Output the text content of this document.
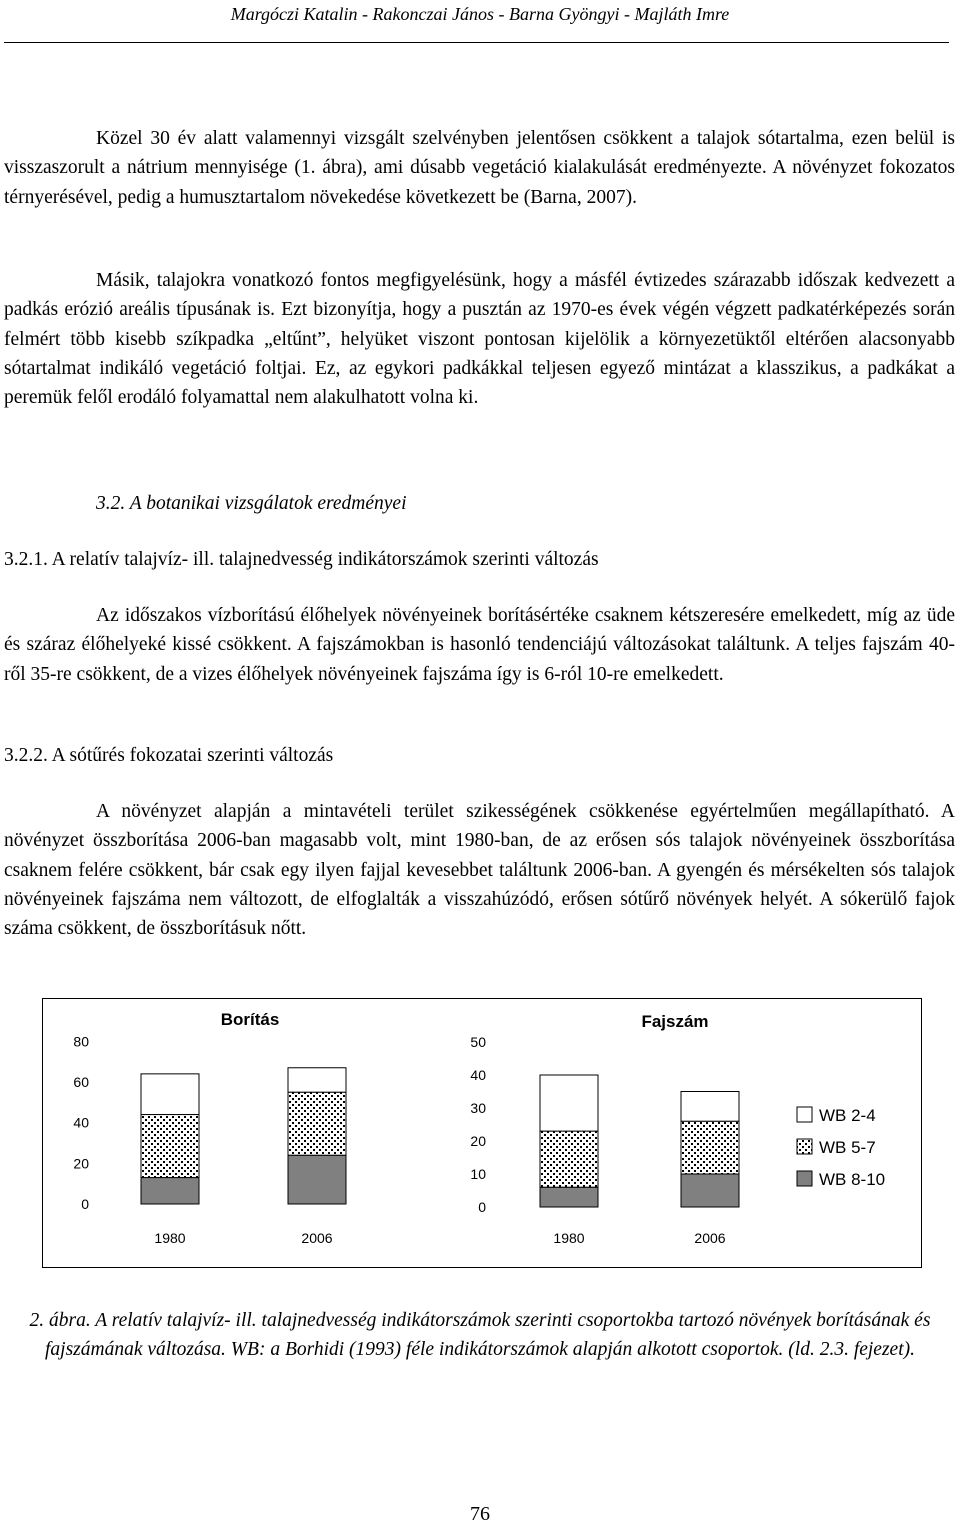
Margóczi Katalin - Rakonczai János - Barna Gyöngyi - Majláth Imre

Közel 30 év alatt valamennyi vizsgált szelvényben jelentősen csökkent a talajok sótartalma, ezen belül is visszaszorult a nátrium mennyisége (1. ábra), ami dúsabb vegetáció kialakulását eredményezte. A növényzet fokozatos térnyerésével, pedig a humusztartalom növekedése következett be (Barna, 2007).

Másik, talajokra vonatkozó fontos megfigyelésünk, hogy a másfél évtizedes szárazabb időszak kedvezett a padkás erózió areális típusának is. Ezt bizonyítja, hogy a pusztán az 1970-es évek végén végzett padkatérképezés során felmért több kisebb szíkpadka „eltűnt”, helyüket viszont pontosan kijelölik a környezetüktől eltérően alacsonyabb sótartalmat indikáló vegetáció foltjai. Ez, az egykori padkákkal teljesen egyező mintázat a klasszikus, a padkákat a peremük felől erodáló folyamattal nem alakulhatott volna ki.

3.2. A botanikai vizsgálatok eredményei

3.2.1. A relatív talajvíz- ill. talajnedvesség indikátorszámok szerinti változás

Az időszakos vízborítású élőhelyek növényeinek borításértéke csaknem kétszeresére emelkedett, míg az üde és száraz élőhelyeké kissé csökkent. A fajszámokban is hasonló tendenciájú változásokat találtunk. A teljes fajszám 40-ről 35-re csökkent, de a vizes élőhelyek növényeinek fajszáma így is 6-ról 10-re emelkedett.

3.2.2. A sótűrés fokozatai szerinti változás

A növényzet alapján a mintavételi terület szikességének csökkenése egyértelműen megállapítható. A növényzet összborítása 2006-ban magasabb volt, mint 1980-ban, de az erősen sós talajok növényeinek összborítása csaknem felére csökkent, bár csak egy ilyen fajjal kevesebbet találtunk 2006-ban. A gyengén és mérsékelten sós talajok növényeinek fajszáma nem változott, de elfoglalták a visszahúzódó, erősen sótűrő növények helyét. A sókerülő fajok száma csökkent, de összborításuk nőtt.

Borítás
0
20
40
60
80
1980	2006
Fajszám
0
10
20
30
40
50
1980	2006
WB 2-4
WB 5-7
WB 8-10

2. ábra. A relatív talajvíz- ill. talajnedvesség indikátorszámok szerinti csoportokba tartozó növények borításának és fajszámának változása. WB: a Borhidi (1993) féle indikátorszámok alapján alkotott csoportok. (ld. 2.3. fejezet).

76
